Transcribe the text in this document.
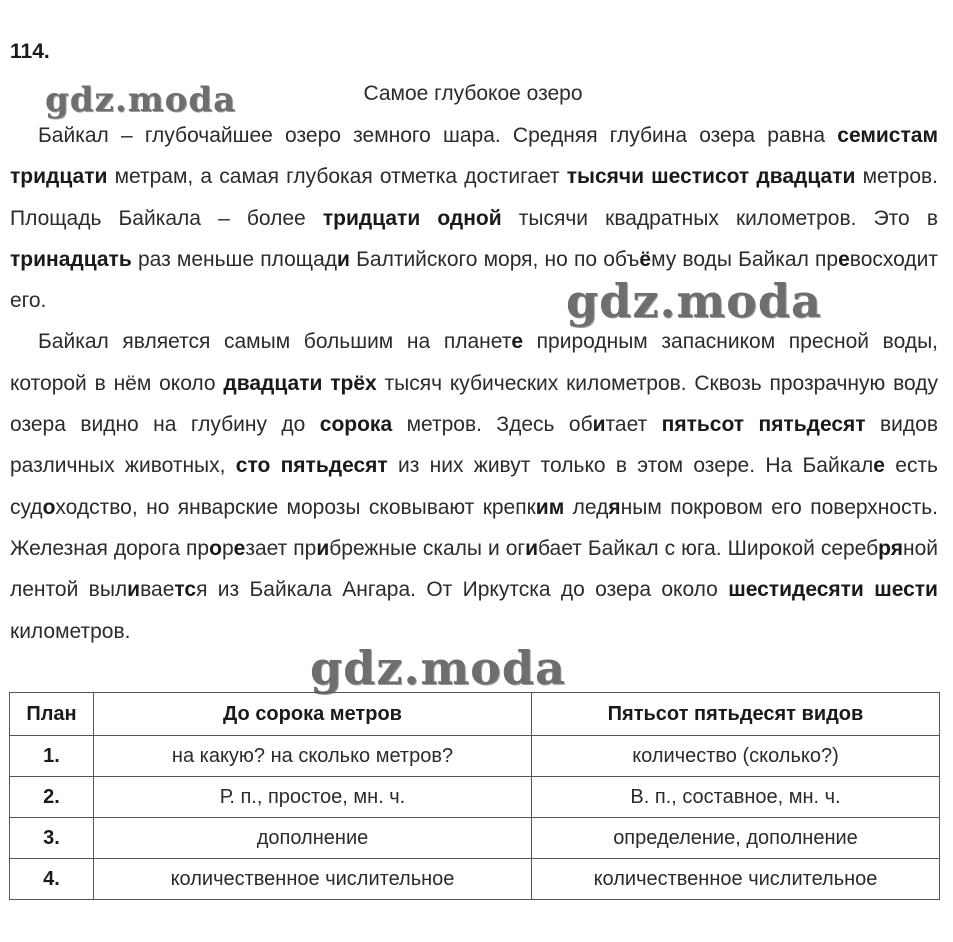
114.
Самое глубокое озеро

Байкал – глубочайшее озеро земного шара. Средняя глубина озера равна семистам тридцати метрам, а самая глубокая отметка достигает тысячи шестисот двадцати метров. Площадь Байкала – более тридцати одной тысячи квадратных километров. Это в тринадцать раз меньше площади Балтийского моря, но по объёму воды Байкал превосходит его.

Байкал является самым большим на планете природным запасником пресной воды, которой в нём около двадцати трёх тысяч кубических километров. Сквозь прозрачную воду озера видно на глубину до сорока метров. Здесь обитает пятьсот пятьдесят видов различных животных, сто пятьдесят из них живут только в этом озере. На Байкале есть судоходство, но январские морозы сковывают крепким ледяным покровом его поверхность. Железная дорога прорезает прибрежные скалы и огибает Байкал с юга. Широкой серебряной лентой выливается из Байкала Ангара. От Иркутска до озера около шестидесяти шести километров.

gdz.moda
gdz.moda
gdz.moda
План	До сорока метров	Пятьсот пятьдесят видов
1.	на какую? на сколько метров?	количество (сколько?)
2.	Р. п., простое, мн. ч.	В. п., составное, мн. ч.
3.	дополнение	определение, дополнение
4.	количественное числительное	количественное числительное
